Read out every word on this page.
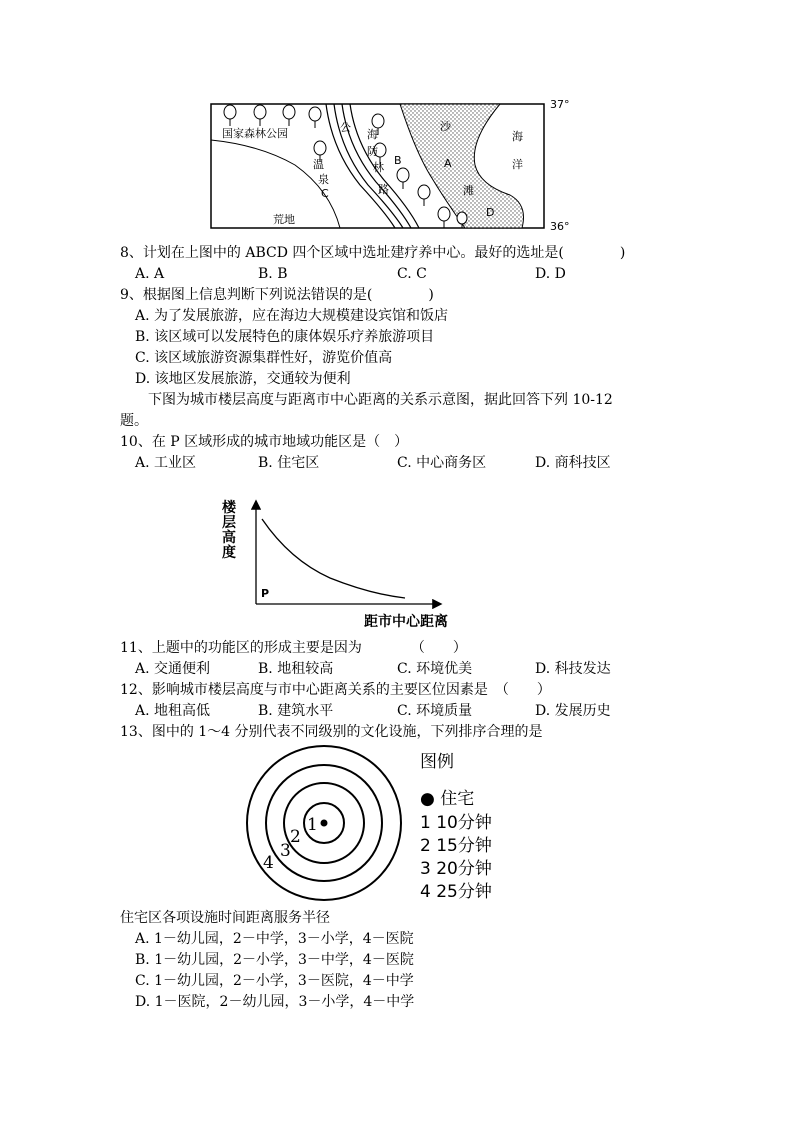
37°
36°
国家森林公园	公
海
防
林
B
温
泉
C	路
沙
A
滩
D
海
洋
荒地
8、计划在上图中的 ABCD 四个区域中选址建疗养中心。最好的选址是(　　　　)
A. A	B. B	C. C	D. D
9、根据图上信息判断下列说法错误的是(　　　　)
A. 为了发展旅游，应在海边大规模建设宾馆和饭店
B. 该区域可以发展特色的康体娱乐疗养旅游项目
C. 该区域旅游资源集群性好，游览价值高
D. 该地区发展旅游，交通较为便利
下图为城市楼层高度与距离市中心距离的关系示意图，据此回答下列 10-12
题。
10、在 P 区域形成的城市地域功能区是（　）
A. 工业区	B. 住宅区	C. 中心商务区	D. 商科技区
楼
层
高
度
P
距市中心距离
11、上题中的功能区的形成主要是因为　　　　（　　）
A. 交通便利	B. 地租较高	C. 环境优美	D. 科技发达
12、影响城市楼层高度与市中心距离关系的主要区位因素是　（　　）
A. 地租高低	B. 建筑水平	C. 环境质量	D. 发展历史
13、图中的 1～4 分别代表不同级别的文化设施，下列排序合理的是
1
2
3
4
图例
● 住宅
1 10分钟
2 15分钟
3 20分钟
4 25分钟
住宅区各项设施时间距离服务半径
A. 1－幼儿园，2－中学，3－小学，4－医院
B. 1－幼儿园，2－小学，3－中学，4－医院
C. 1－幼儿园，2－小学，3－医院，4－中学
D. 1－医院，2－幼儿园，3－小学，4－中学
